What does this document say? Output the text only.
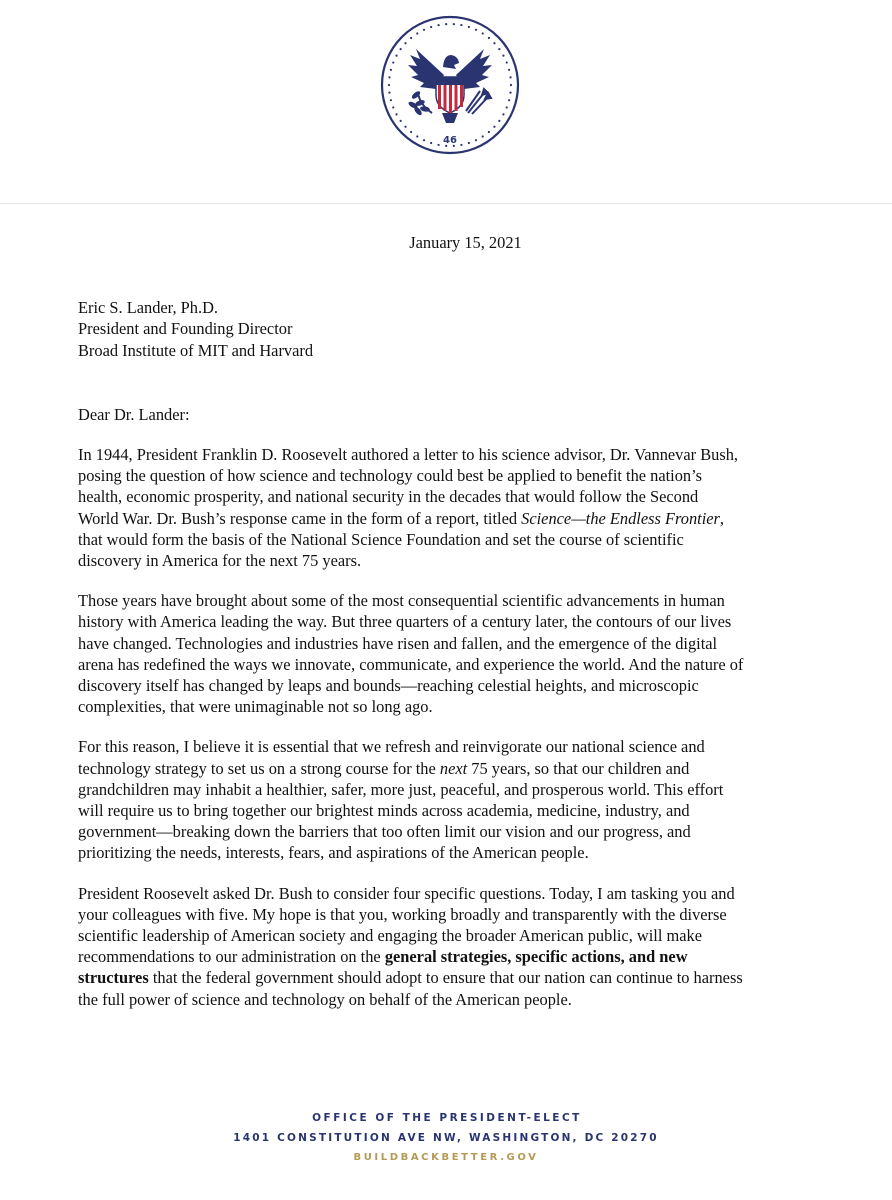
46
January 15, 2021
Eric S. Lander, Ph.D.
President and Founding Director
Broad Institute of MIT and Harvard
Dear Dr. Lander:
In 1944, President Franklin D. Roosevelt authored a letter to his science advisor, Dr. Vannevar Bush,
posing the question of how science and technology could best be applied to benefit the nation’s
health, economic prosperity, and national security in the decades that would follow the Second
World War. Dr. Bush’s response came in the form of a report, titled Science—the Endless Frontier,
that would form the basis of the National Science Foundation and set the course of scientific
discovery in America for the next 75 years.
Those years have brought about some of the most consequential scientific advancements in human
history with America leading the way. But three quarters of a century later, the contours of our lives
have changed. Technologies and industries have risen and fallen, and the emergence of the digital
arena has redefined the ways we innovate, communicate, and experience the world. And the nature of
discovery itself has changed by leaps and bounds—reaching celestial heights, and microscopic
complexities, that were unimaginable not so long ago.
For this reason, I believe it is essential that we refresh and reinvigorate our national science and
technology strategy to set us on a strong course for the next 75 years, so that our children and
grandchildren may inhabit a healthier, safer, more just, peaceful, and prosperous world. This effort
will require us to bring together our brightest minds across academia, medicine, industry, and
government—breaking down the barriers that too often limit our vision and our progress, and
prioritizing the needs, interests, fears, and aspirations of the American people.
President Roosevelt asked Dr. Bush to consider four specific questions. Today, I am tasking you and
your colleagues with five. My hope is that you, working broadly and transparently with the diverse
scientific leadership of American society and engaging the broader American public, will make
recommendations to our administration on the general strategies, specific actions, and new
structures that the federal government should adopt to ensure that our nation can continue to harness
the full power of science and technology on behalf of the American people.
OFFICE OF THE PRESIDENT-ELECT
1401 CONSTITUTION AVE NW, WASHINGTON, DC 20270
BUILDBACKBETTER.GOV
